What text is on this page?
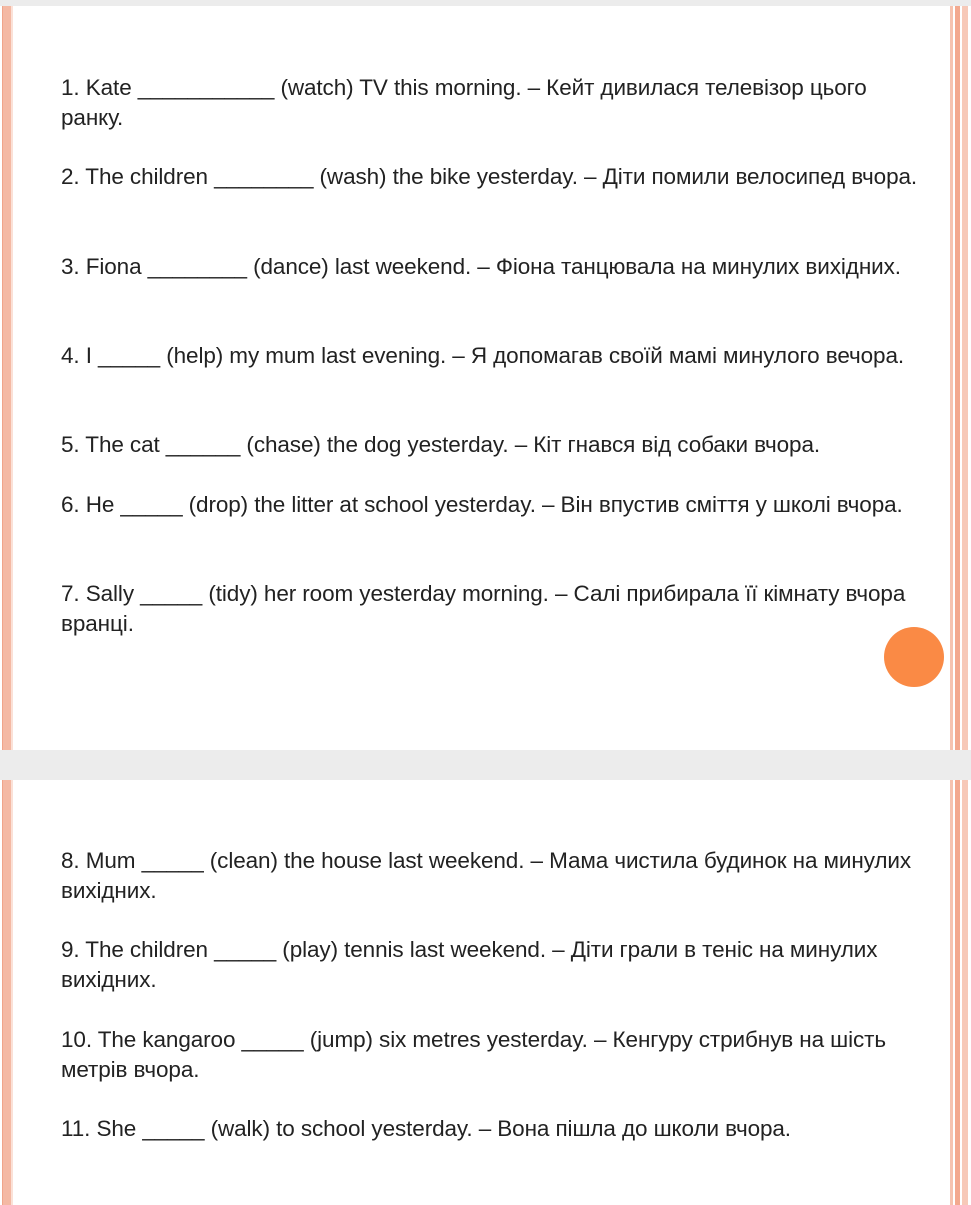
1. Kate ___________ (watch) TV this morning. – Кейт дивилася телевізор цього ранку.

2. The children ________ (wash) the bike yesterday. – Діти помили велосипед вчора.

3. Fiona ________ (dance) last weekend. – Фіона танцювала на минулих вихідних.

4. I _____ (help) my mum last evening. – Я допомагав своїй мамі минулого вечора.

5. The cat ______ (chase) the dog yesterday. – Кіт гнався від собаки вчора.

6. He _____ (drop) the litter at school yesterday. – Він впустив сміття у школі вчора.

7. Sally _____ (tidy) her room yesterday morning. – Салі прибирала її кімнату вчора вранці.

8. Mum _____ (clean) the house last weekend. – Мама чистила будинок на минулих вихідних.

9. The children _____ (play) tennis last weekend. – Діти грали в теніс на минулих вихідних.

10. The kangaroo _____ (jump) six metres yesterday. – Кенгуру стрибнув на шість метрів вчора.

11. She _____ (walk) to school yesterday. – Вона пішла до школи вчора.
